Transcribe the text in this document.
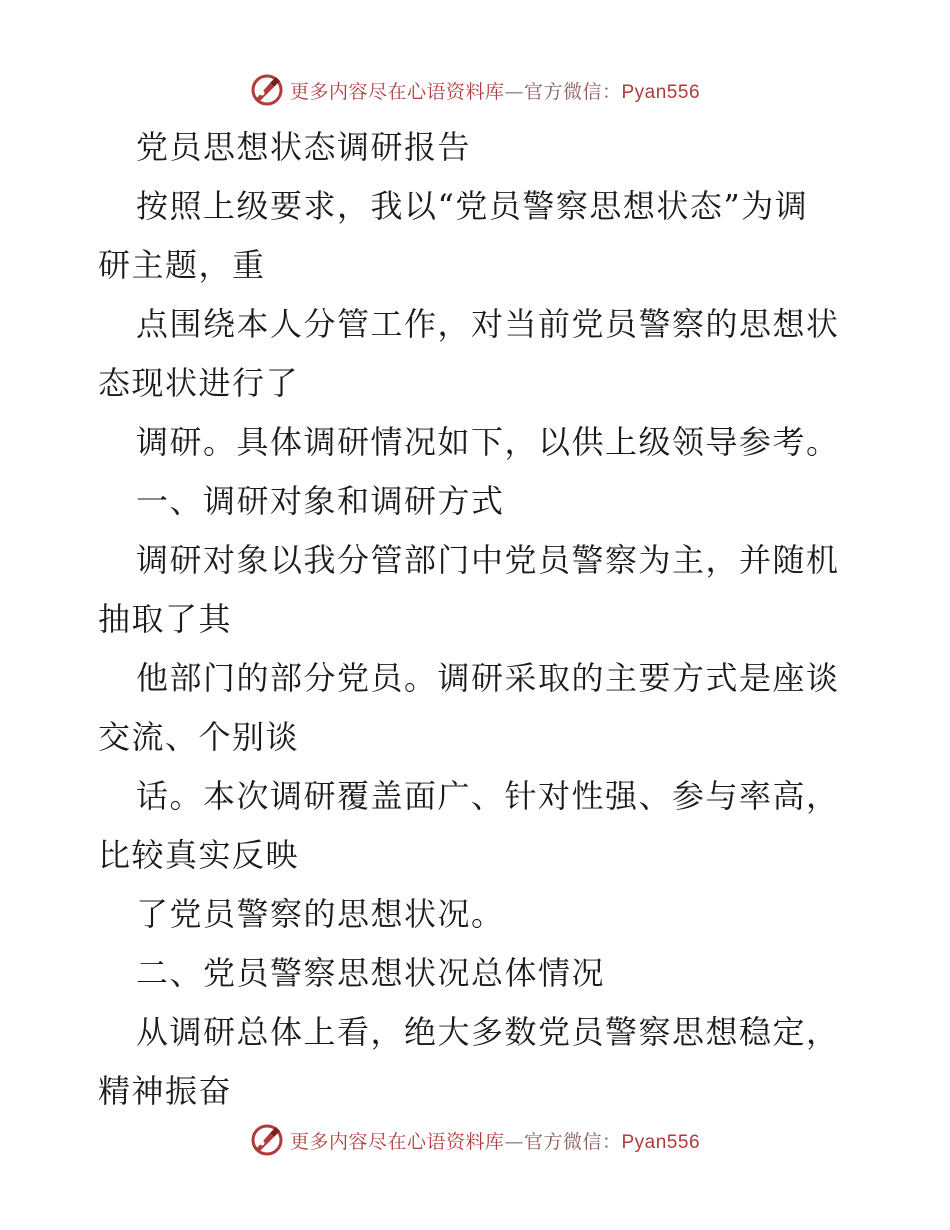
更多内容尽在心语资料库—官方微信：Pyan556
党员思想状态调研报告
按照上级要求，我以“党员警察思想状态”为调
研主题，重
点围绕本人分管工作，对当前党员警察的思想状
态现状进行了
调研。具体调研情况如下，以供上级领导参考。
一、调研对象和调研方式
调研对象以我分管部门中党员警察为主，并随机
抽取了其
他部门的部分党员。调研采取的主要方式是座谈
交流、个别谈
话。本次调研覆盖面广、针对性强、参与率高，
比较真实反映
了党员警察的思想状况。
二、党员警察思想状况总体情况
从调研总体上看，绝大多数党员警察思想稳定，
精神振奋
更多内容尽在心语资料库—官方微信：Pyan556
